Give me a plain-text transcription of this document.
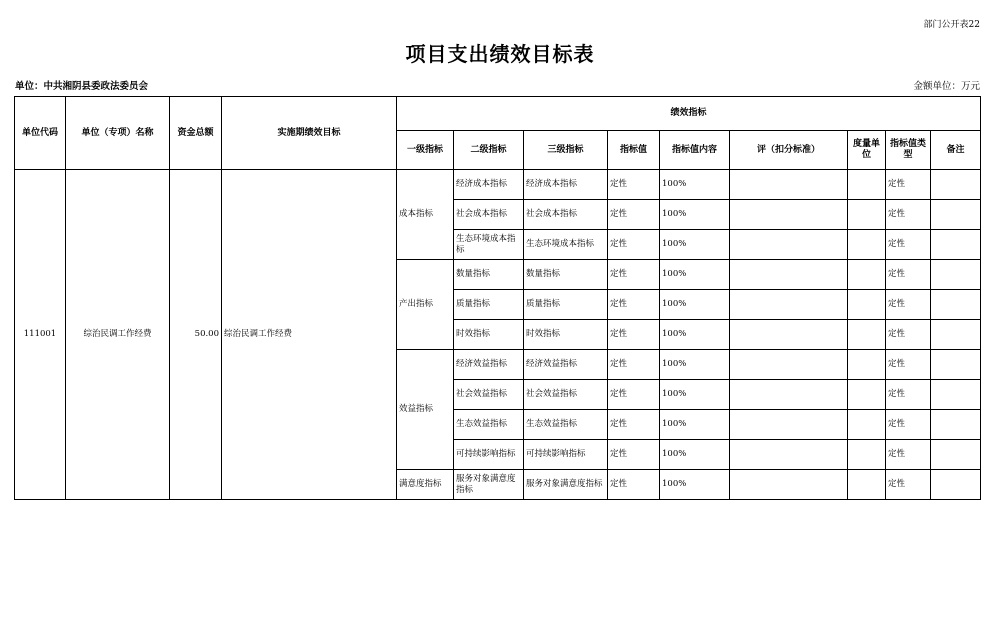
部门公开表22
项目支出绩效目标表
单位：中共湘阴县委政法委员会	金额单位：万元
单位代码	单位（专项）名称	资金总额	实施期绩效目标	绩效指标								
				一级指标	二级指标	三级指标	指标值	指标值内容	评（扣分标准）	度量单位	指标值类型	备注
111001	综治民调工作经费	50.00	综治民调工作经费	成本指标	经济成本指标	经济成本指标	定性	100%			定性	
					社会成本指标	社会成本指标	定性	100%			定性	
					生态环境成本指标	生态环境成本指标	定性	100%			定性	
				产出指标	数量指标	数量指标	定性	100%			定性	
					质量指标	质量指标	定性	100%			定性	
					时效指标	时效指标	定性	100%			定性	
				效益指标	经济效益指标	经济效益指标	定性	100%			定性	
					社会效益指标	社会效益指标	定性	100%			定性	
					生态效益指标	生态效益指标	定性	100%			定性	
					可持续影响指标	可持续影响指标	定性	100%			定性	
				满意度指标	服务对象满意度指标	服务对象满意度指标	定性	100%			定性	
